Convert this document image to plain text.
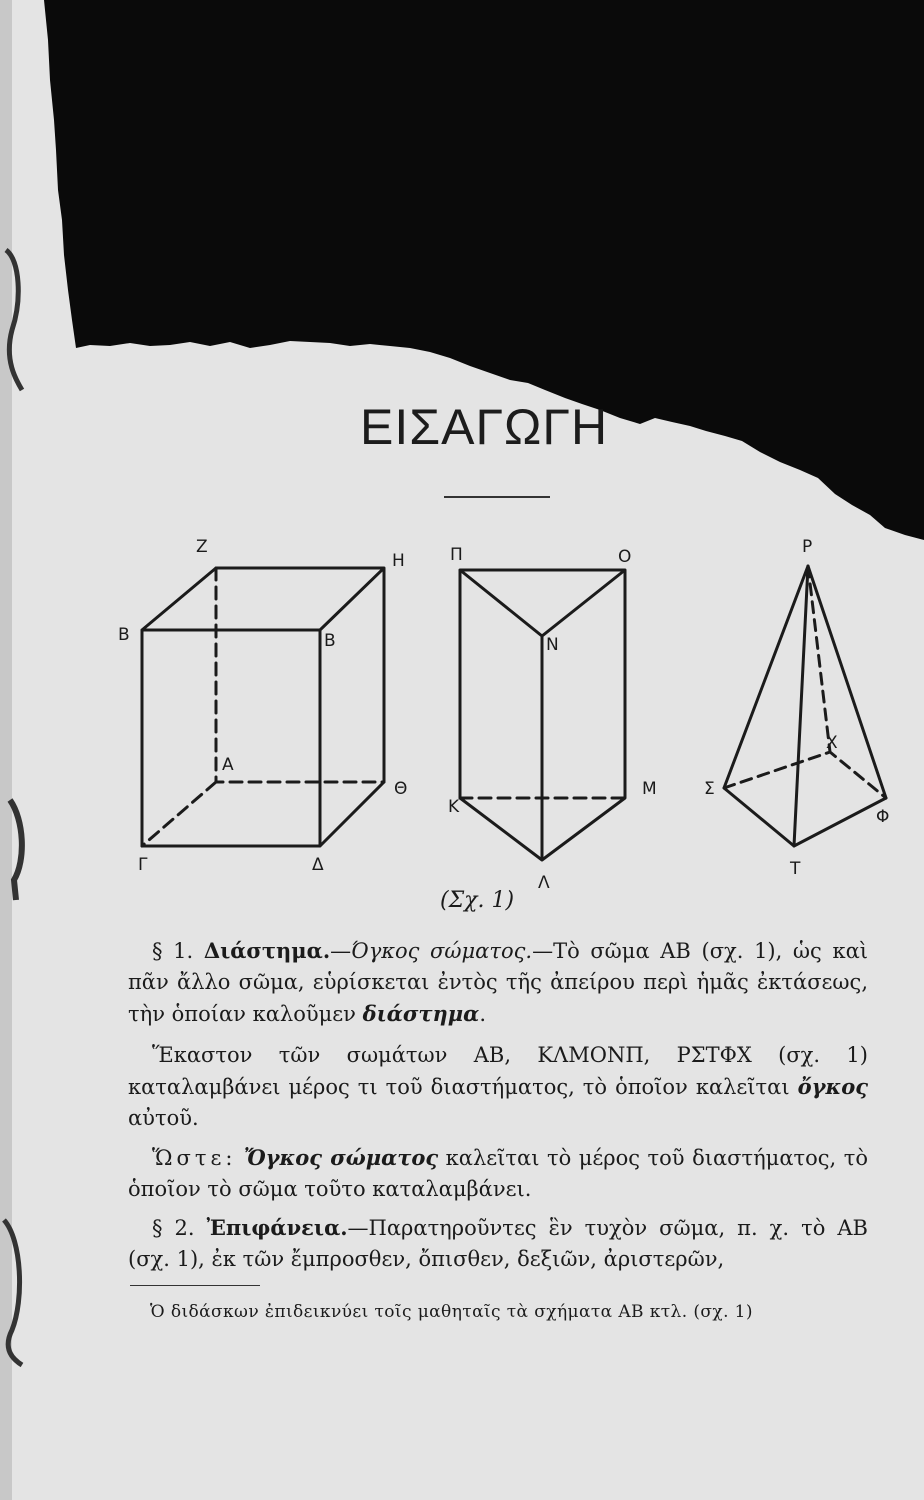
ΕΙΣΑΓΩΓΗ
Ζ
Η
Β	Β
Α
Θ
Γ	Δ
Π	Ο
Ν
Κ
Μ
Λ
Ρ
Σ
Χ
Φ
Τ
(Σχ. 1)

§ 1. Διάστημα.—Όγκος σώματος.—Τὸ σῶμα ΑΒ (σχ. 1), ὡς καὶ πᾶν ἄλλο σῶμα, εὑρίσκεται ἐντὸς τῆς ἀπείρου περὶ ἡμᾶς ἐκτάσεως, τὴν ὁποίαν καλοῦμεν διάστημα.

Ἕκαστον τῶν σωμάτων ΑΒ, ΚΛΜΟΝΠ, ΡΣΤΦΧ (σχ. 1) καταλαμβάνει μέρος τι τοῦ διαστήματος, τὸ ὁποῖον καλεῖται ὄγκος αὐτοῦ.

Ὥστε: Ὄγκος σώματος καλεῖται τὸ μέρος τοῦ διαστήματος, τὸ ὁποῖον τὸ σῶμα τοῦτο καταλαμβάνει.

§ 2. Ἐπιφάνεια.—Παρατηροῦντες ἓν τυχὸν σῶμα, π. χ. τὸ ΑΒ (σχ. 1), ἐκ τῶν ἔμπροσθεν, ὄπισθεν, δεξιῶν, ἀριστερῶν,

Ὁ διδάσκων ἐπιδεικνύει τοῖς μαθηταῖς τὰ σχήματα ΑΒ κτλ. (σχ. 1)
